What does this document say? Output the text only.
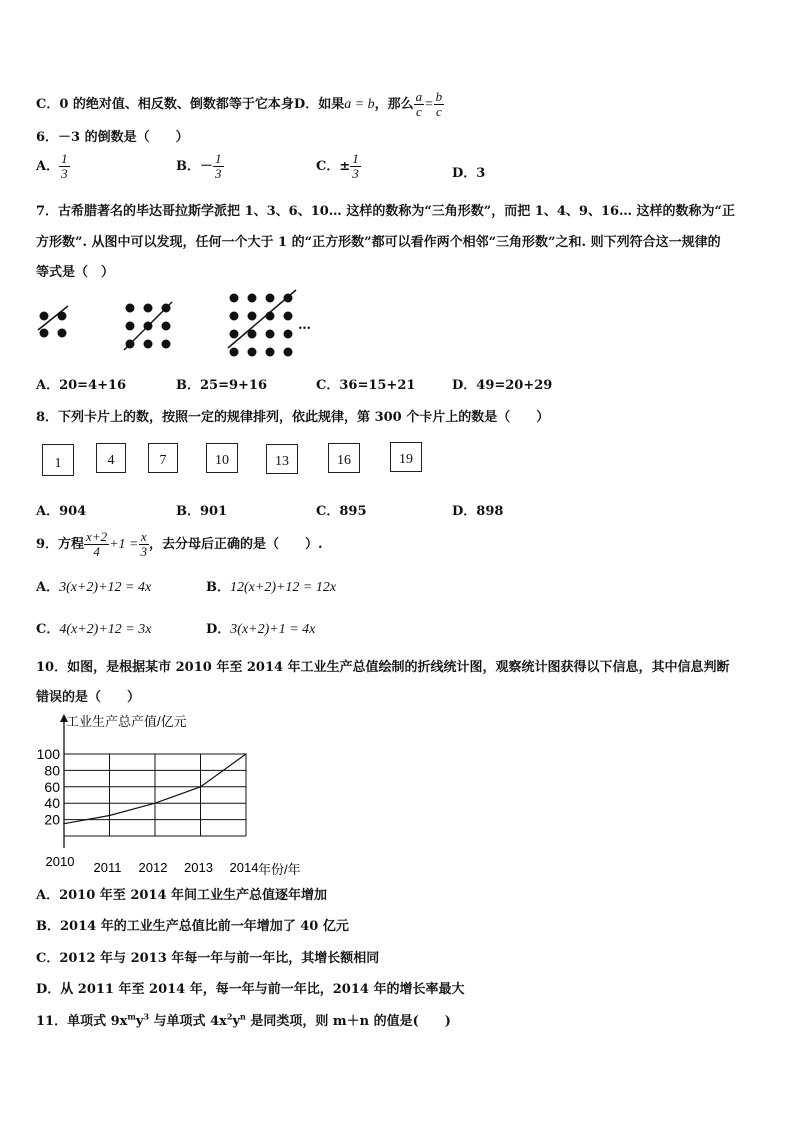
C．0 的绝对值、相反数、倒数都等于它本身D．如果a = b，那么 $\frac{a}{c} = \frac{b}{c}$
6．－3 的倒数是（　　）
A． $\frac{1}{3}$	B．－ $\frac{1}{3}$	C．± $\frac{1}{3}$	D．3
7．古希腊著名的毕达哥拉斯学派把 1、3、6、10… 这样的数称为“三角形数”，而把 1、4、9、16… 这样的数称为“正
方形数”. 从图中可以发现，任何一个大于 1 的“正方形数”都可以看作两个相邻“三角形数”之和. 则下列符合这一规律的
等式是（　）
…
A．20=4+16	B．25=9+16	C．36=15+21	D．49=20+29
8．下列卡片上的数，按照一定的规律排列，依此规律，第 300 个卡片上的数是（　　）
1	4	7	10	13	16	19
A．904	B．901	C．895	D．898
9．方程 $\frac{x+2}{4} +1 = \frac{x}{3}$ ，去分母后正确的是（　　）.
A．3(x+2)+12 = 4x	B．12(x+2)+12 = 12x
C．4(x+2)+12 = 3x	D．3(x+2)+1 = 4x
10．如图，是根据某市 2010 年至 2014 年工业生产总值绘制的折线统计图，观察统计图获得以下信息，其中信息判断
错误的是（　　）
20
40
60
80
100
2010 2011 2012 2013 2014
工业生产总产值/亿元
年份/年
A．2010 年至 2014 年间工业生产总值逐年增加
B．2014 年的工业生产总值比前一年增加了 40 亿元
C．2012 年与 2013 年每一年与前一年比，其增长额相同
D．从 2011 年至 2014 年，每一年与前一年比，2014 年的增长率最大
11．单项式 $9x^my^3$ 与单项式 $4x^2y^n$ 是同类项，则 m＋n 的值是(　　)
